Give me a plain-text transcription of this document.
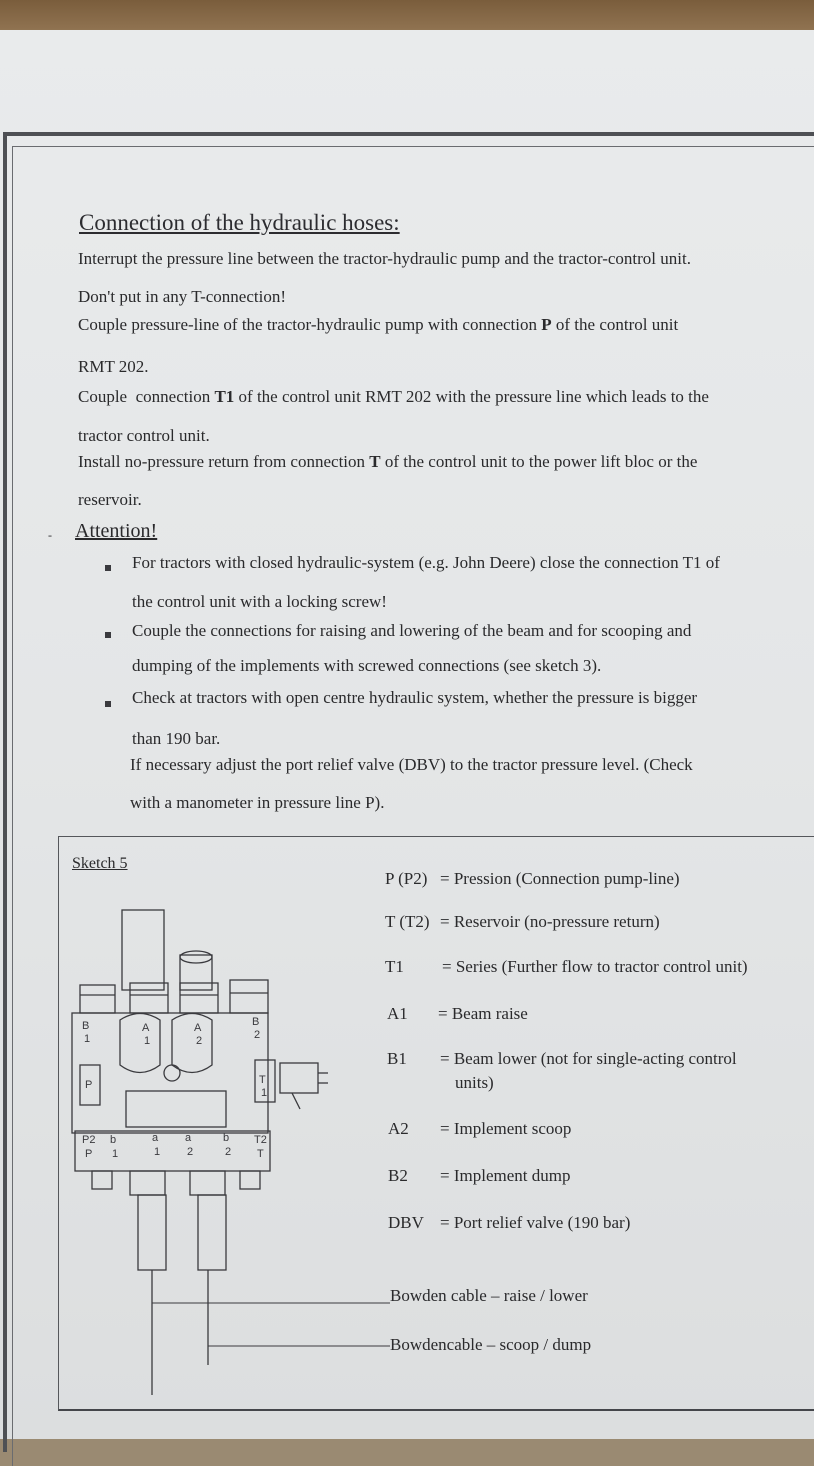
Connection of the hydraulic hoses:
Interrupt the pressure line between the tractor-hydraulic pump and the tractor-control unit.
Don't put in any T-connection!
Couple pressure-line of the tractor-hydraulic pump with connection P of the control unit
RMT 202.
Couple  connection T1 of the control unit RMT 202 with the pressure line which leads to the
tractor control unit.
Install no-pressure return from connection T of the control unit to the power lift bloc or the
reservoir.
- Attention!
For tractors with closed hydraulic-system (e.g. John Deere) close the connection T1 of
the control unit with a locking screw!
Couple the connections for raising and lowering of the beam and for scooping and
dumping of the implements with screwed connections (see sketch 3).
Check at tractors with open centre hydraulic system, whether the pressure is bigger
than 190 bar.
If necessary adjust the port relief valve (DBV) to the tractor pressure level. (Check
with a manometer in pressure line P).
Sketch 5
P (P2) = Pression (Connection pump-line)
T (T2) = Reservoir (no-pressure return)
T1 = Series (Further flow to tractor control unit)
A1 = Beam raise
B1 = Beam lower (not for single-acting control
units)
A2 = Implement scoop
B2 = Implement dump
DBV = Port relief valve (190 bar)
Bowden cable – raise / lower
Bowdencable – scoop / dump
B
1
A
1
A
2
B
2
P	T
1
P2
P
b
1
a
1
a
2
b
2
T2
T
